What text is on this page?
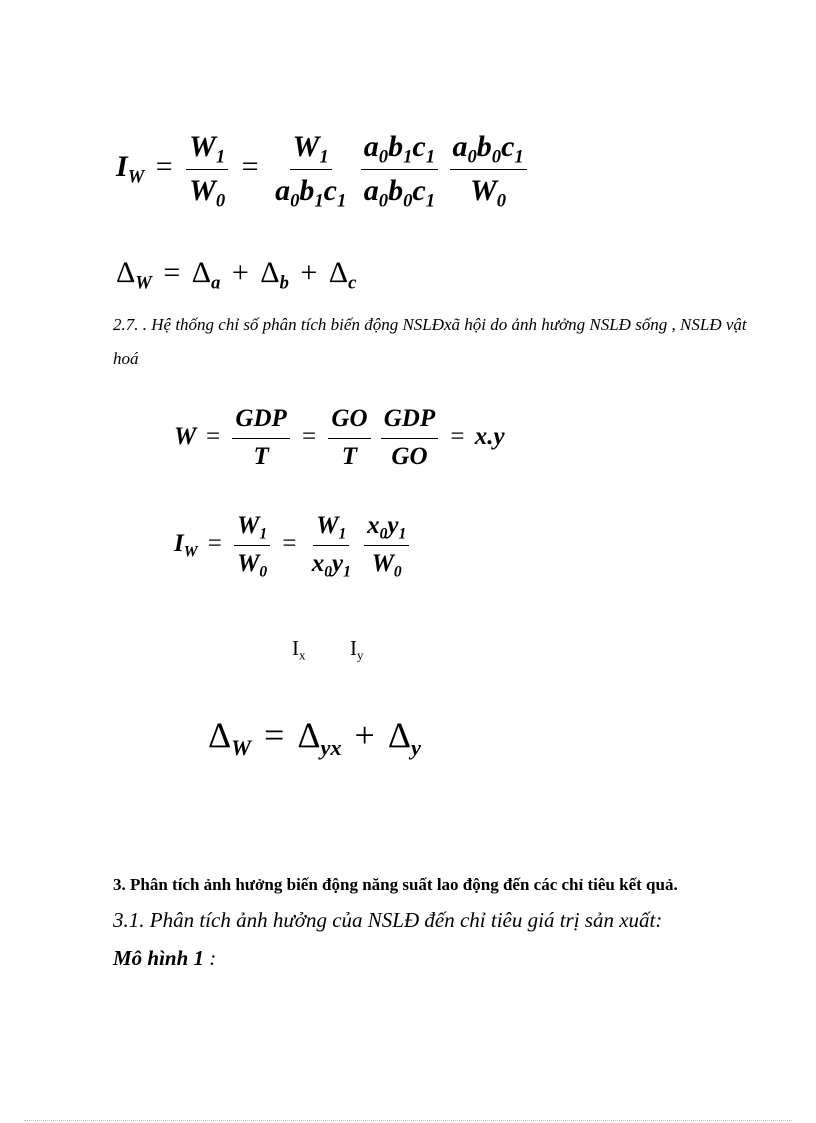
$I_W = \frac{W_1}{W_0} = \frac{W_1}{a_0b_1c_1}$
$\frac{a_0b_1c_1}{a_0b_0c_1}$
$\frac{a_0b_0c_1}{W_0}$
$\Delta_W = \Delta_a + \Delta_b + \Delta_c$
2.7. . Hệ thống chỉ số phân tích biến động NSLĐxã hội do ảnh hưởng NSLĐ sống , NSLĐ vật hoá
$W = \frac{\text{GDP}}{T} = \frac{GO}{T}$
$\frac{\text{GDP}}{GO} = x.y$
$I_W = \frac{W_1}{W_0} = \frac{W_1}{x_0y_1}$
$\frac{x_0y_1}{W_0}$
$I_x$ $I_y$
$\Delta_W = \Delta_{yx} + \Delta_y$
3. Phân tích ảnh hưởng biến động năng suất lao động đến các chỉ tiêu kết quả.
3.1. Phân tích ảnh hưởng của NSLĐ đến chỉ tiêu giá trị sản xuất:
Mô hình 1 :
